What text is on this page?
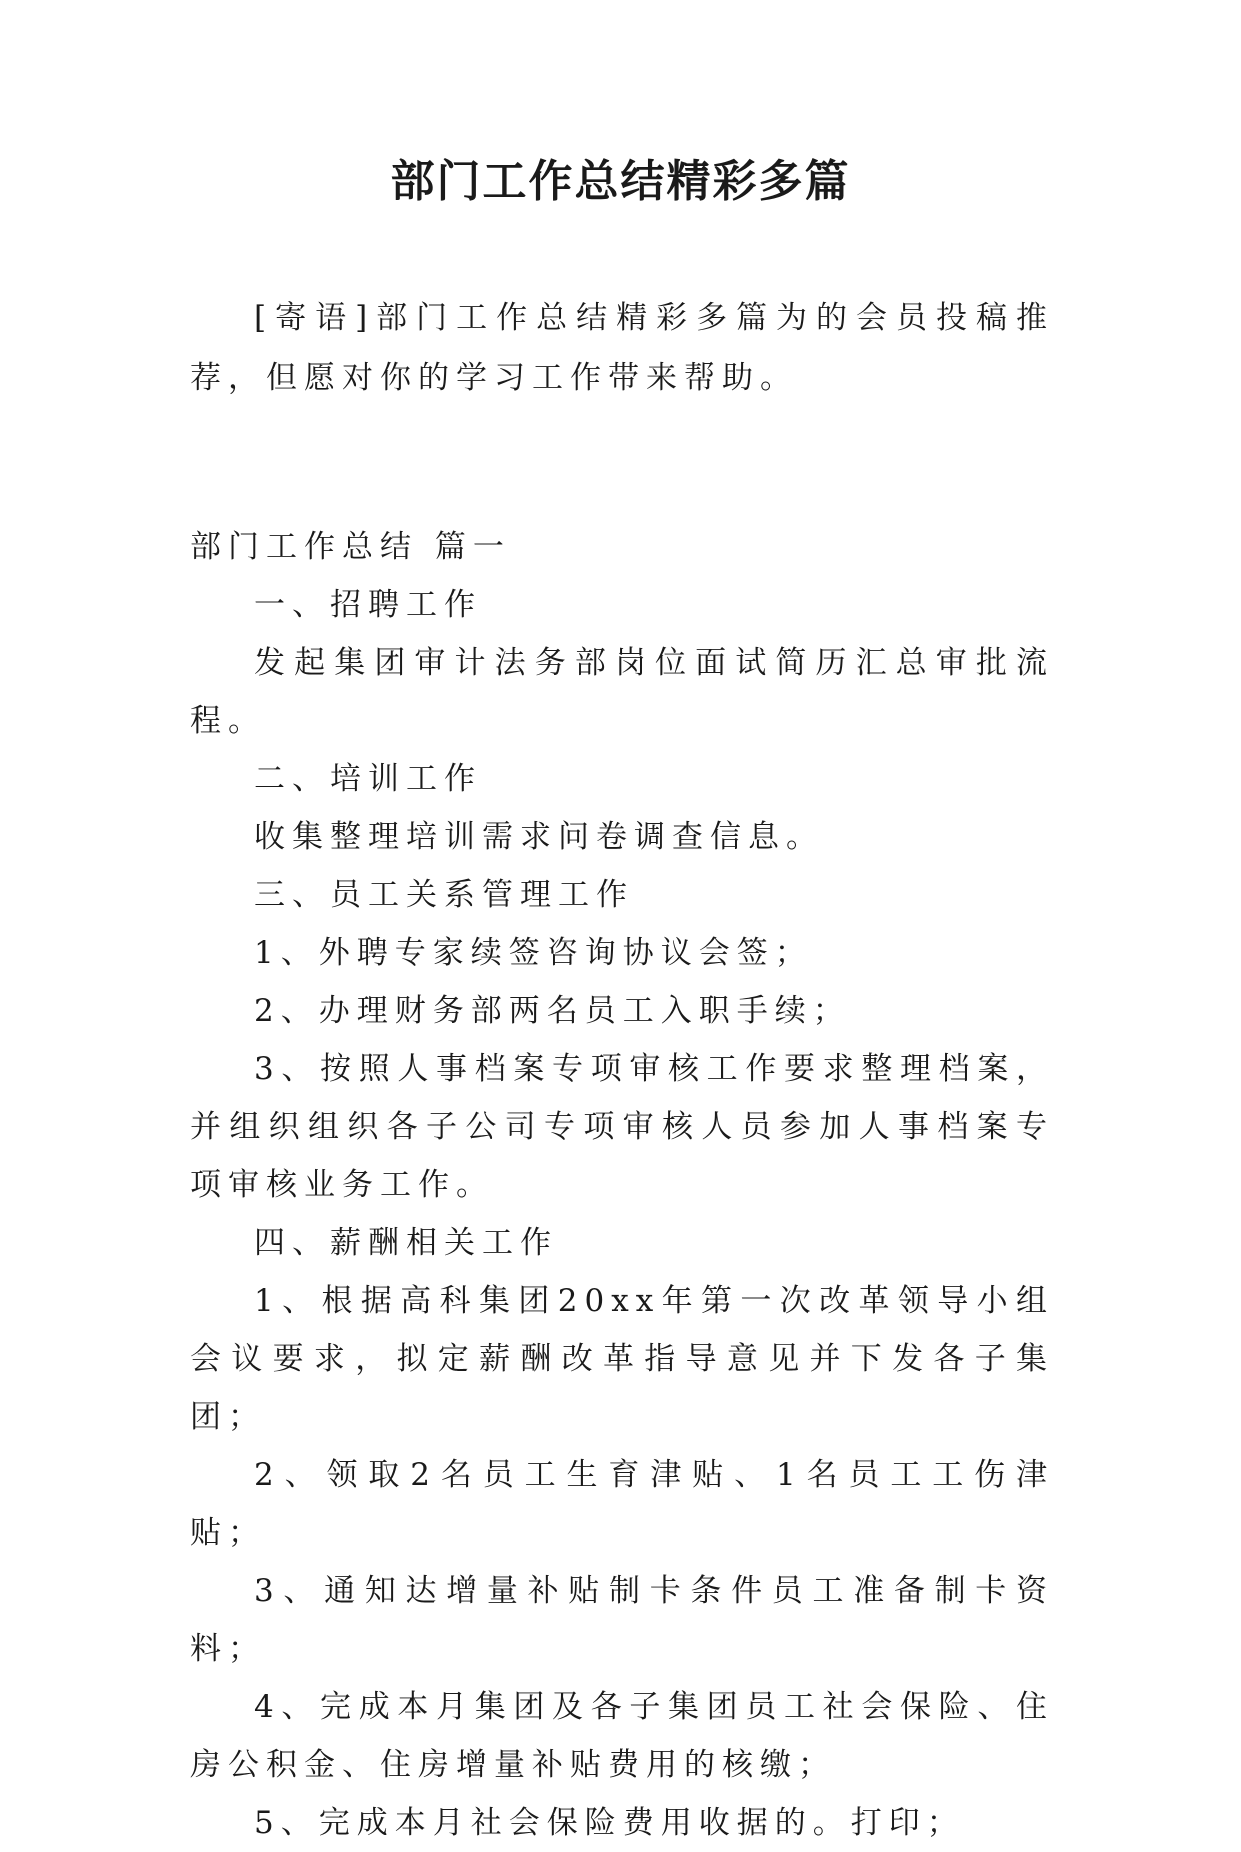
部门工作总结精彩多篇

[寄语]部门工作总结精彩多篇为的会员投稿推荐，但愿对你的学习工作带来帮助。

部门工作总结 篇一

一、招聘工作

发起集团审计法务部岗位面试简历汇总审批流程。

二、培训工作

收集整理培训需求问卷调查信息。

三、员工关系管理工作

1、外聘专家续签咨询协议会签；

2、办理财务部两名员工入职手续；

3、按照人事档案专项审核工作要求整理档案，并组织组织各子公司专项审核人员参加人事档案专项审核业务工作。

四、薪酬相关工作

1、根据高科集团20xx年第一次改革领导小组会议要求，拟定薪酬改革指导意见并下发各子集团；

2、领取2名员工生育津贴、1名员工工伤津贴；

3、通知达增量补贴制卡条件员工准备制卡资料；

4、完成本月集团及各子集团员工社会保险、住房公积金、住房增量补贴费用的核缴；

5、完成本月社会保险费用收据的。打印；
